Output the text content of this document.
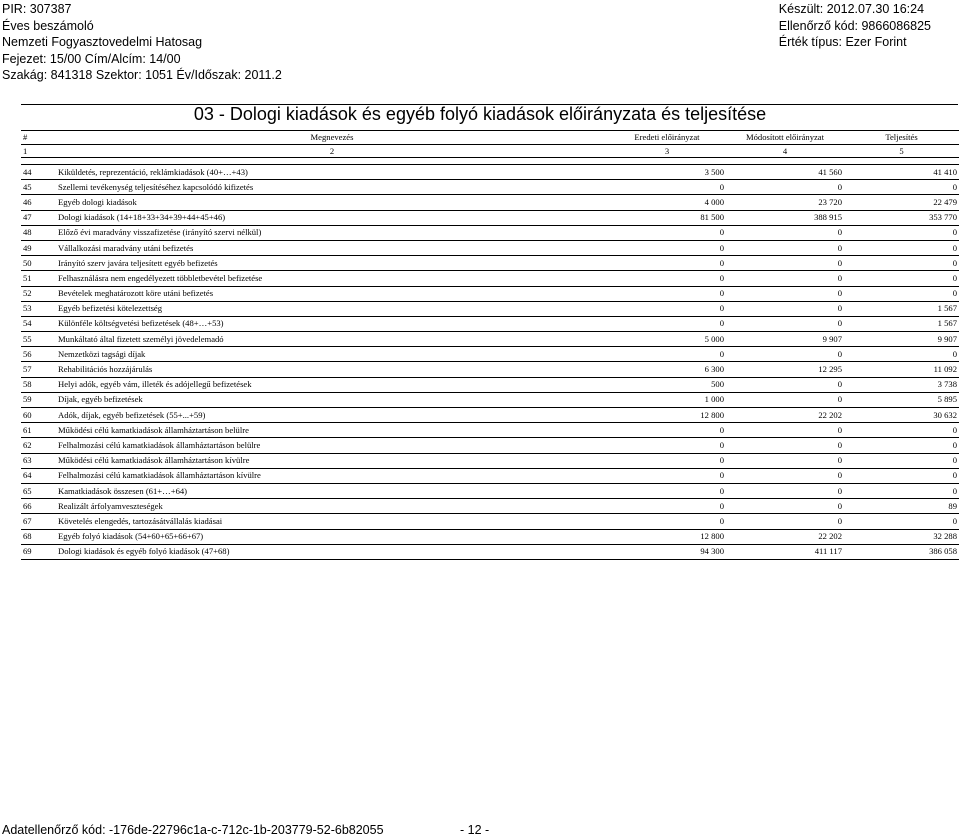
PIR: 307387
Éves beszámoló
Nemzeti Fogyasztovedelmi Hatosag
Fejezet: 15/00 Cím/Alcím: 14/00
Szakág: 841318 Szektor: 1051 Év/Időszak: 2011.2
Készült: 2012.07.30 16:24
Ellenőrző kód: 9866086825
Érték típus: Ezer Forint
03 - Dologi kiadások és egyéb folyó kiadások előirányzata és teljesítése
#	Megnevezés	Eredeti előirányzat	Módosított előirányzat	Teljesítés
1	2	3	4	5

44	Kiküldetés, reprezentáció, reklámkiadások (40+…+43)	3 500	41 560	41 410
45	Szellemi tevékenység teljesítéséhez kapcsolódó kifizetés	0	0	0
46	Egyéb dologi kiadások	4 000	23 720	22 479
47	Dologi kiadások (14+18+33+34+39+44+45+46)	81 500	388 915	353 770
48	Előző évi maradvány visszafizetése (irányító szervi nélkül)	0	0	0
49	Vállalkozási maradvány utáni befizetés	0	0	0
50	Irányító szerv javára teljesített egyéb befizetés	0	0	0
51	Felhasználásra nem engedélyezett többletbevétel befizetése	0	0	0
52	Bevételek meghatározott köre utáni befizetés	0	0	0
53	Egyéb befizetési kötelezettség	0	0	1 567
54	Különféle költségvetési befizetések (48+…+53)	0	0	1 567
55	Munkáltató által fizetett személyi jövedelemadó	5 000	9 907	9 907
56	Nemzetközi tagsági díjak	0	0	0
57	Rehabilitációs hozzájárulás	6 300	12 295	11 092
58	Helyi adók, egyéb vám, illeték és adójellegű befizetések	500	0	3 738
59	Díjak, egyéb befizetések	1 000	0	5 895
60	Adók, díjak, egyéb befizetések (55+...+59)	12 800	22 202	30 632
61	Működési célú kamatkiadások államháztartáson belülre	0	0	0
62	Felhalmozási célú kamatkiadások államháztartáson belülre	0	0	0
63	Működési célú kamatkiadások államháztartáson kívülre	0	0	0
64	Felhalmozási célú kamatkiadások államháztartáson kívülre	0	0	0
65	Kamatkiadások összesen (61+…+64)	0	0	0
66	Realizált árfolyamveszteségek	0	0	89
67	Követelés elengedés, tartozásátvállalás kiadásai	0	0	0
68	Egyéb folyó kiadások (54+60+65+66+67)	12 800	22 202	32 288
69	Dologi kiadások és egyéb folyó kiadások (47+68)	94 300	411 117	386 058
Adatellenőrző kód: -176de-22796c1a-c-712c-1b-203779-52-6b82055	- 12 -
